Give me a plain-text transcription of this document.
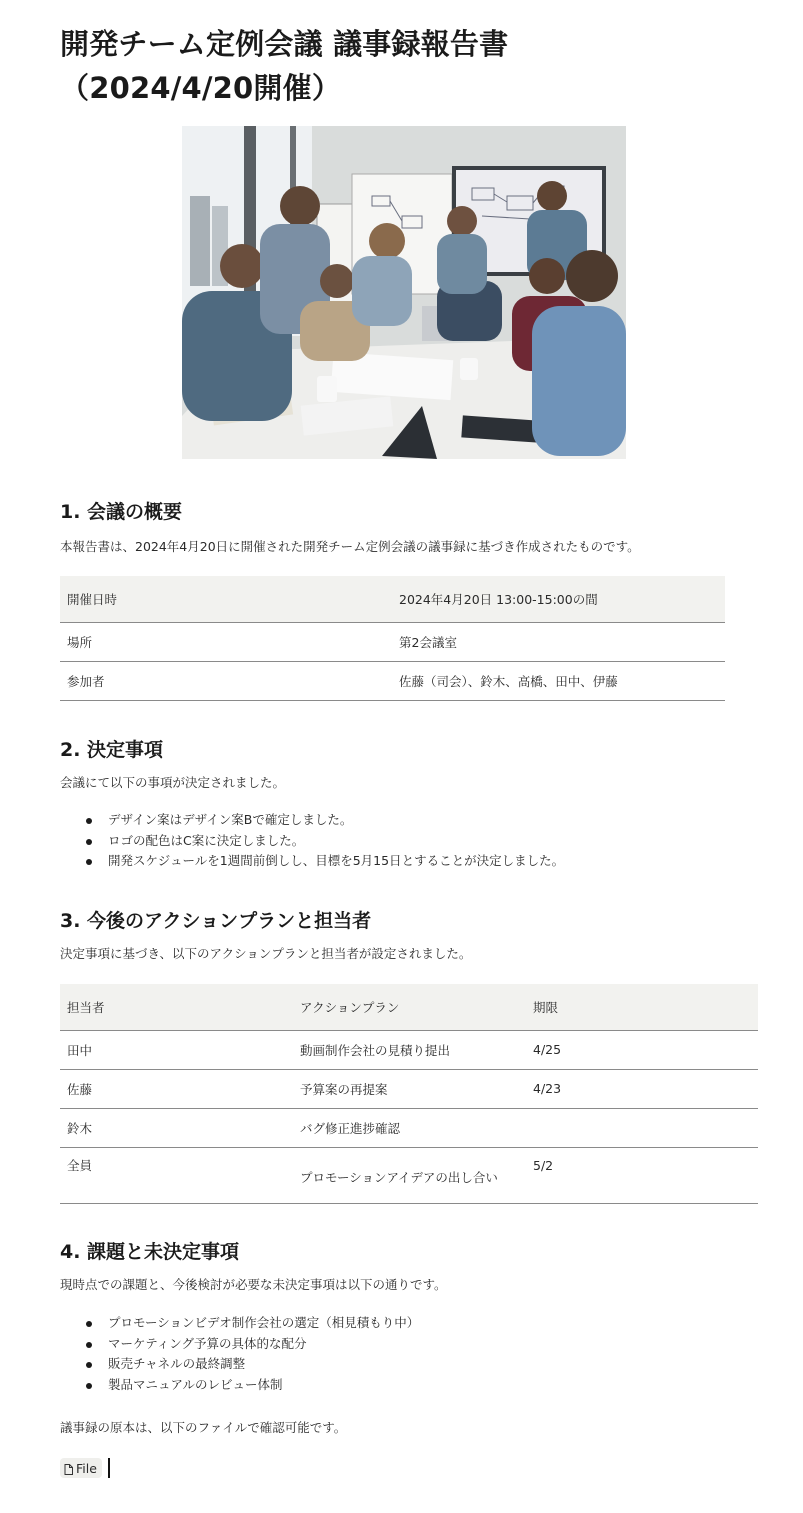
開発チーム定例会議 議事録報告書（2024/4/20開催）
1. 会議の概要

本報告書は、2024年4月20日に開催された開発チーム定例会議の議事録に基づき作成されたものです。

開催日時	2024年4月20日 13:00-15:00の間
場所	第2会議室
参加者	佐藤（司会）、鈴木、高橋、田中、伊藤
2. 決定事項

会議にて以下の事項が決定されました。

デザイン案はデザイン案Bで確定しました。
ロゴの配色はC案に決定しました。
開発スケジュールを1週間前倒しし、目標を5月15日とすることが決定しました。
3. 今後のアクションプランと担当者

決定事項に基づき、以下のアクションプランと担当者が設定されました。

担当者	アクションプラン	期限
田中	動画制作会社の見積り提出	4/25
佐藤	予算案の再提案	4/23
鈴木	バグ修正進捗確認	
全員	プロモーションアイデアの出し合い	5/2
4. 課題と未決定事項

現時点での課題と、今後検討が必要な未決定事項は以下の通りです。

プロモーションビデオ制作会社の選定（相見積もり中）
マーケティング予算の具体的な配分
販売チャネルの最終調整
製品マニュアルのレビュー体制

議事録の原本は、以下のファイルで確認可能です。

File
